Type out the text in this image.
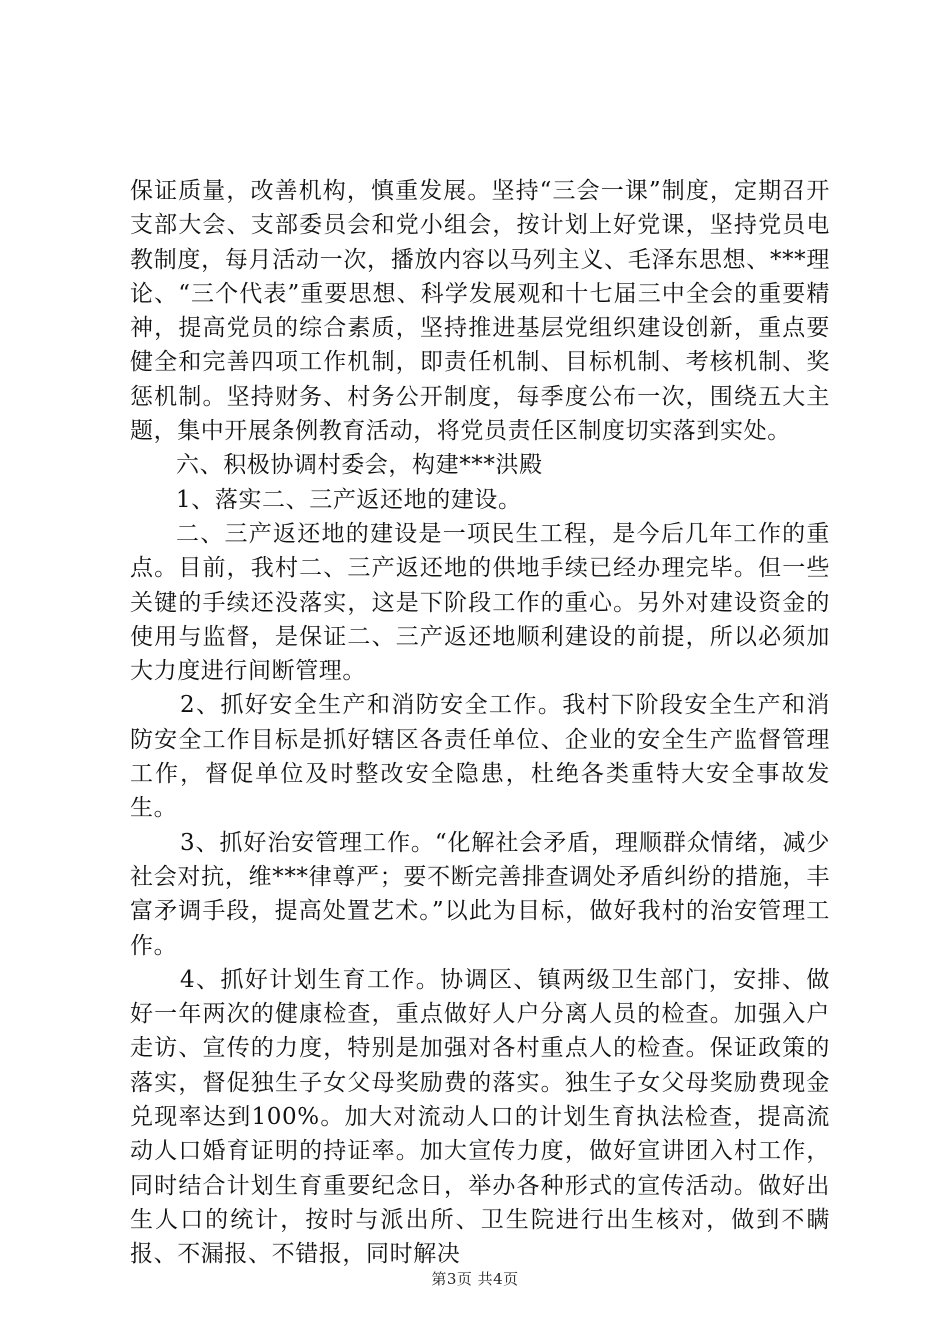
保证质量，改善机构，慎重发展。坚持“三会一课”制度，定期召开支部大会、支部委员会和党小组会，按计划上好党课，坚持党员电教制度，每月活动一次，播放内容以马列主义、毛泽东思想、***理论、“三个代表”重要思想、科学发展观和十七届三中全会的重要精神，提高党员的综合素质，坚持推进基层党组织建设创新，重点要健全和完善四项工作机制，即责任机制、目标机制、考核机制、奖惩机制。坚持财务、村务公开制度，每季度公布一次，围绕五大主题，集中开展条例教育活动，将党员责任区制度切实落到实处。

六、积极协调村委会，构建***洪殿

1、落实二、三产返还地的建设。

二、三产返还地的建设是一项民生工程，是今后几年工作的重点。目前，我村二、三产返还地的供地手续已经办理完毕。但一些关键的手续还没落实，这是下阶段工作的重心。另外对建设资金的使用与监督，是保证二、三产返还地顺利建设的前提，所以必须加大力度进行间断管理。

2、抓好安全生产和消防安全工作。我村下阶段安全生产和消防安全工作目标是抓好辖区各责任单位、企业的安全生产监督管理工作，督促单位及时整改安全隐患，杜绝各类重特大安全事故发生。

3、抓好治安管理工作。“化解社会矛盾，理顺群众情绪，减少社会对抗，维***律尊严；要不断完善排查调处矛盾纠纷的措施，丰富矛调手段，提高处置艺术。”以此为目标，做好我村的治安管理工作。

4、抓好计划生育工作。协调区、镇两级卫生部门，安排、做好一年两次的健康检查，重点做好人户分离人员的检查。加强入户走访、宣传的力度，特别是加强对各村重点人的检查。保证政策的落实，督促独生子女父母奖励费的落实。独生子女父母奖励费现金兑现率达到100%。加大对流动人口的计划生育执法检查，提高流动人口婚育证明的持证率。加大宣传力度，做好宣讲团入村工作，同时结合计划生育重要纪念日，举办各种形式的宣传活动。做好出生人口的统计，按时与派出所、卫生院进行出生核对，做到不瞒报、不漏报、不错报，同时解决

第3页 共4页
